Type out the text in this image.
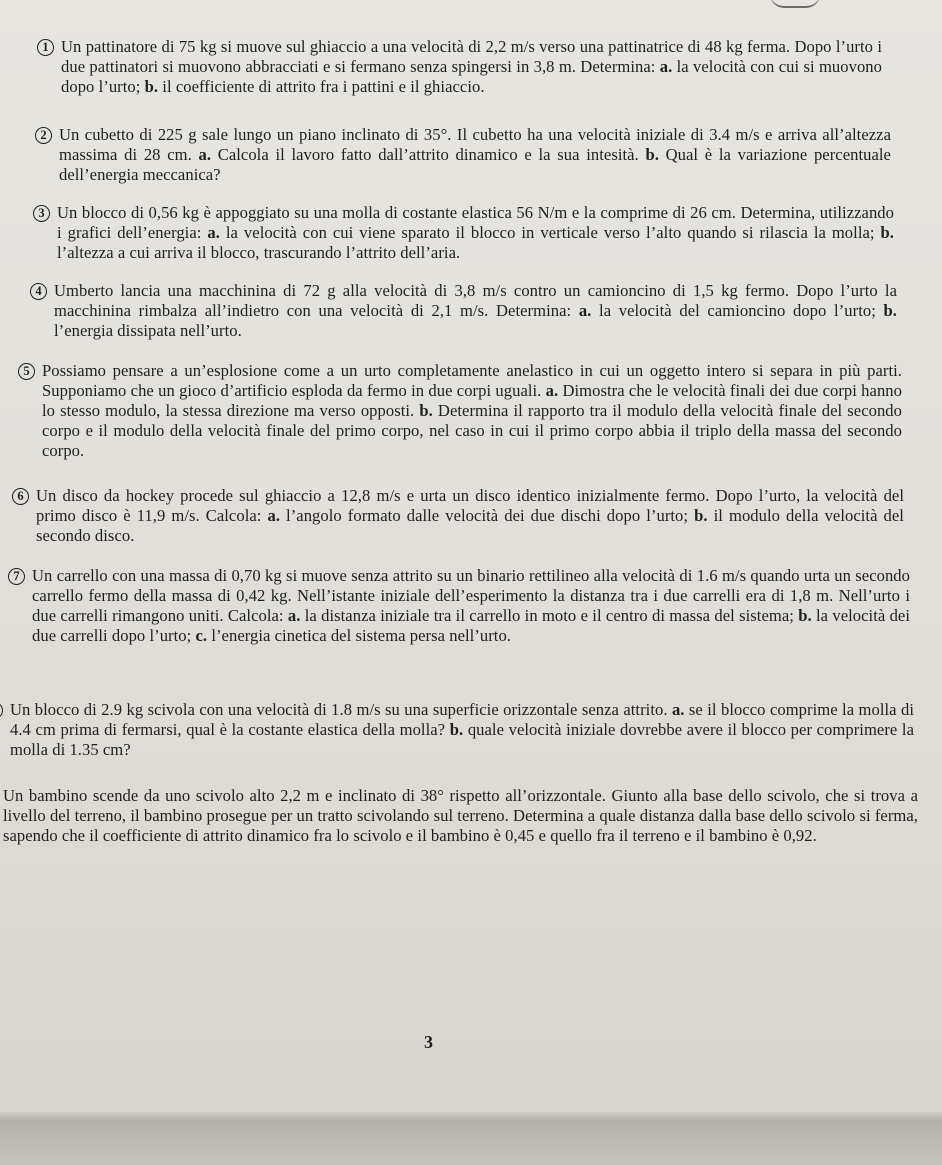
1 Un pattinatore di 75 kg si muove sul ghiaccio a una velocità di 2,2 m/s verso una pattinatrice di 48 kg ferma. Dopo l’urto i due pattinatori si muovono abbracciati e si fermano senza spingersi in 3,8 m. Determina: a. la velocità con cui si muovono dopo l’urto; b. il coefficiente di attrito fra i pattini e il ghiaccio.

2 Un cubetto di 225 g sale lungo un piano inclinato di 35°. Il cubetto ha una velocità iniziale di 3.4 m/s e arriva all’altezza massima di 28 cm. a. Calcola il lavoro fatto dall’attrito dinamico e la sua intesità. b. Qual è la variazione percentuale dell’energia meccanica?

3 Un blocco di 0,56 kg è appoggiato su una molla di costante elastica 56 N/m e la comprime di 26 cm. Determina, utilizzando i grafici dell’energia: a. la velocità con cui viene sparato il blocco in verticale verso l’alto quando si rilascia la molla; b. l’altezza a cui arriva il blocco, trascurando l’attrito dell’aria.

4 Umberto lancia una macchinina di 72 g alla velocità di 3,8 m/s contro un camioncino di 1,5 kg fermo. Dopo l’urto la macchinina rimbalza all’indietro con una velocità di 2,1 m/s. Determina: a. la velocità del camioncino dopo l’urto; b. l’energia dissipata nell’urto.

5 Possiamo pensare a un’esplosione come a un urto completamente anelastico in cui un oggetto intero si separa in più parti. Supponiamo che un gioco d’artificio esploda da fermo in due corpi uguali. a. Dimostra che le velocità finali dei due corpi hanno lo stesso modulo, la stessa direzione ma verso opposti. b. Determina il rapporto tra il modulo della velocità finale del secondo corpo e il modulo della velocità finale del primo corpo, nel caso in cui il primo corpo abbia il triplo della massa del secondo corpo.

6 Un disco da hockey procede sul ghiaccio a 12,8 m/s e urta un disco identico inizialmente fermo. Dopo l’urto, la velocità del primo disco è 11,9 m/s. Calcola: a. l’angolo formato dalle velocità dei due dischi dopo l’urto; b. il modulo della velocità del secondo disco.

7 Un carrello con una massa di 0,70 kg si muove senza attrito su un binario rettilineo alla velocità di 1.6 m/s quando urta un secondo carrello fermo della massa di 0,42 kg. Nell’istante iniziale dell’esperimento la distanza tra i due carrelli era di 1,8 m. Nell’urto i due carrelli rimangono uniti. Calcola: a. la distanza iniziale tra il carrello in moto e il centro di massa del sistema; b. la velocità dei due carrelli dopo l’urto; c. l’energia cinetica del sistema persa nell’urto.

Un blocco di 2.9 kg scivola con una velocità di 1.8 m/s su una superficie orizzontale senza attrito. a. se il blocco comprime la molla di 4.4 cm prima di fermarsi, qual è la costante elastica della molla? b. quale velocità iniziale dovrebbe avere il blocco per comprimere la molla di 1.35 cm?

Un bambino scende da uno scivolo alto 2,2 m e inclinato di 38° rispetto all’orizzontale. Giunto alla base dello scivolo, che si trova a livello del terreno, il bambino prosegue per un tratto scivolando sul terreno. Determina a quale distanza dalla base dello scivolo si ferma, sapendo che il coefficiente di attrito dinamico fra lo scivolo e il bambino è 0,45 e quello fra il terreno e il bambino è 0,92.

3
